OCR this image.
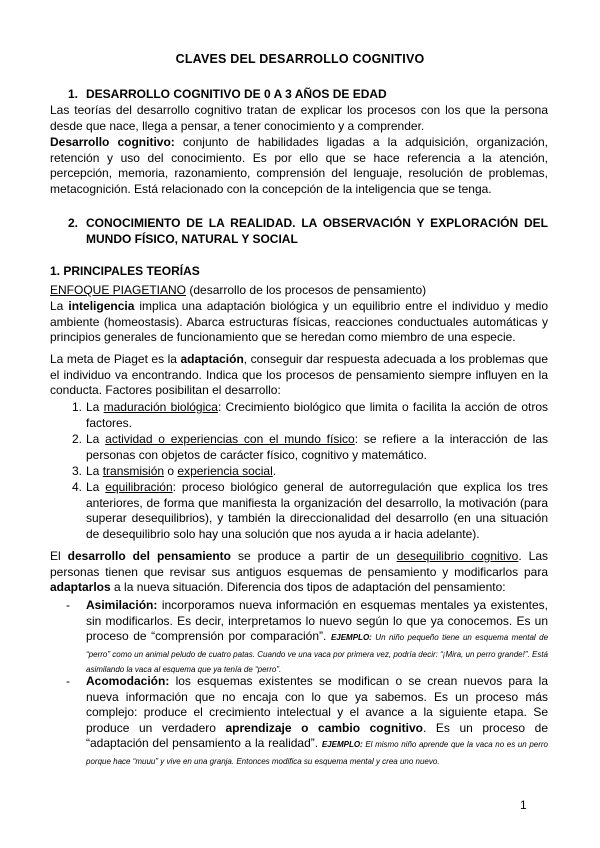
CLAVES DEL DESARROLLO COGNITIVO
1. DESARROLLO COGNITIVO DE 0 A 3 AÑOS DE EDAD

Las teorías del desarrollo cognitivo tratan de explicar los procesos con los que la persona desde que nace, llega a pensar, a tener conocimiento y a comprender.

Desarrollo cognitivo: conjunto de habilidades ligadas a la adquisición, organización, retención y uso del conocimiento. Es por ello que se hace referencia a la atención, percepción, memoria, razonamiento, comprensión del lenguaje, resolución de problemas, metacognición. Está relacionado con la concepción de la inteligencia que se tenga.

2. CONOCIMIENTO DE LA REALIDAD. LA OBSERVACIÓN Y EXPLORACIÓN DEL MUNDO FÍSICO, NATURAL Y SOCIAL
1. PRINCIPALES TEORÍAS

ENFOQUE PIAGETIANO (desarrollo de los procesos de pensamiento)

La inteligencia implica una adaptación biológica y un equilibrio entre el individuo y medio ambiente (homeostasis). Abarca estructuras físicas, reacciones conductuales automáticas y principios generales de funcionamiento que se heredan como miembro de una especie.

La meta de Piaget es la adaptación, conseguir dar respuesta adecuada a los problemas que el individuo va encontrando. Indica que los procesos de pensamiento siempre influyen en la conducta. Factores posibilitan el desarrollo:

1. La maduración biológica: Crecimiento biológico que limita o facilita la acción de otros factores.

2. La actividad o experiencias con el mundo físico: se refiere a la interacción de las personas con objetos de carácter físico, cognitivo y matemático.

3. La transmisión o experiencia social.

4. La equilibración: proceso biológico general de autorregulación que explica los tres anteriores, de forma que manifiesta la organización del desarrollo, la motivación (para superar desequilibrios), y también la direccionalidad del desarrollo (en una situación de desequilibrio solo hay una solución que nos ayuda a ir hacia adelante).

El desarrollo del pensamiento se produce a partir de un desequilibrio cognitivo. Las personas tienen que revisar sus antiguos esquemas de pensamiento y modificarlos para adaptarlos a la nueva situación. Diferencia dos tipos de adaptación del pensamiento:

- Asimilación: incorporamos nueva información en esquemas mentales ya existentes, sin modificarlos. Es decir, interpretamos lo nuevo según lo que ya conocemos. Es un proceso de “comprensión por comparación”. EJEMPLO: Un niño pequeño tiene un esquema mental de “perro” como un animal peludo de cuatro patas. Cuando ve una vaca por primera vez, podría decir: “¡Mira, un perro grande!”. Está asimilando la vaca al esquema que ya tenía de “perro”.

- Acomodación: los esquemas existentes se modifican o se crean nuevos para la nueva información que no encaja con lo que ya sabemos. Es un proceso más complejo: produce el crecimiento intelectual y el avance a la siguiente etapa. Se produce un verdadero aprendizaje o cambio cognitivo. Es un proceso de “adaptación del pensamiento a la realidad”. EJEMPLO: El mismo niño aprende que la vaca no es un perro porque hace “muuu” y vive en una granja. Entonces modifica su esquema mental y crea uno nuevo.

1
